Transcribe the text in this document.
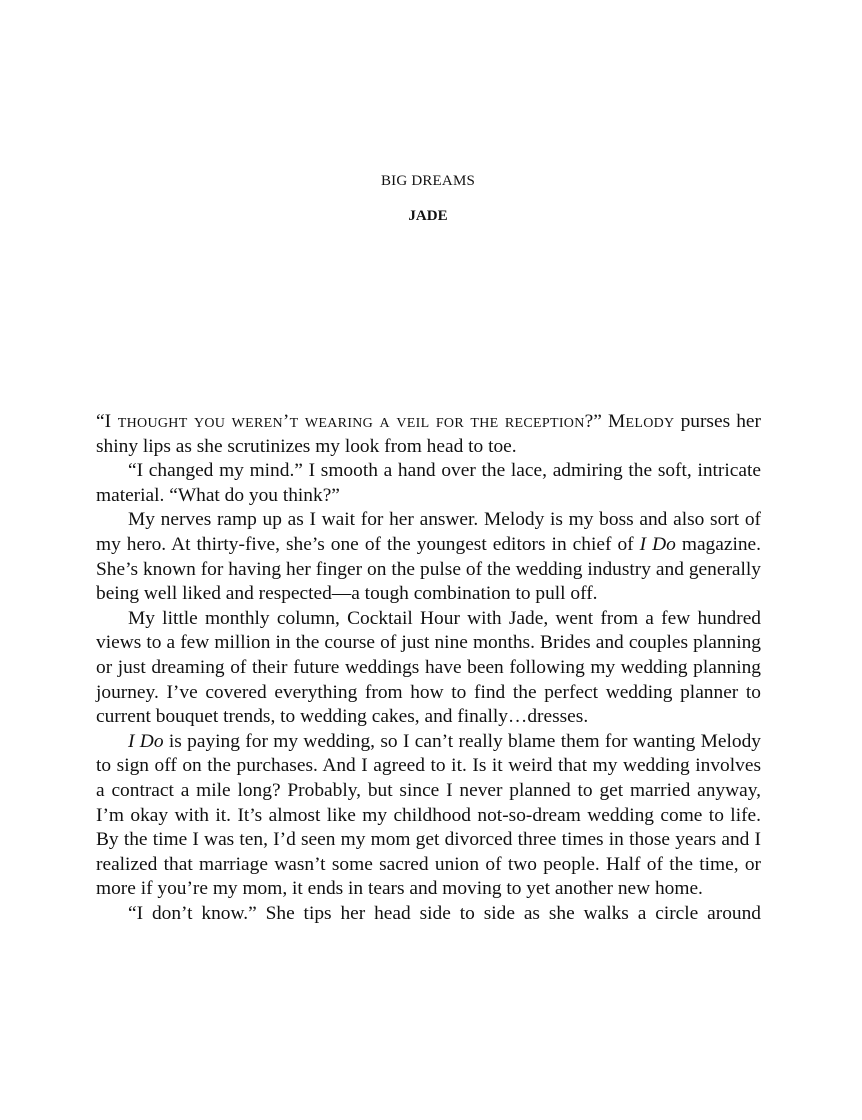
BIG DREAMS
JADE

“I thought you weren’t wearing a veil for the reception?” Melody purses her shiny lips as she scrutinizes my look from head to toe.

“I changed my mind.” I smooth a hand over the lace, admiring the soft, intricate material. “What do you think?”

My nerves ramp up as I wait for her answer. Melody is my boss and also sort of my hero. At thirty-five, she’s one of the youngest editors in chief of I Do magazine. She’s known for having her finger on the pulse of the wedding industry and generally being well liked and respected—a tough combination to pull off.

My little monthly column, Cocktail Hour with Jade, went from a few hundred views to a few million in the course of just nine months. Brides and couples planning or just dreaming of their future weddings have been following my wedding planning journey. I’ve covered everything from how to find the perfect wedding planner to current bouquet trends, to wedding cakes, and finally…dresses.

I Do is paying for my wedding, so I can’t really blame them for wanting Melody to sign off on the purchases. And I agreed to it. Is it weird that my wedding involves a contract a mile long? Probably, but since I never planned to get married anyway, I’m okay with it. It’s almost like my childhood not-so-dream wedding come to life. By the time I was ten, I’d seen my mom get divorced three times in those years and I realized that marriage wasn’t some sacred union of two people. Half of the time, or more if you’re my mom, it ends in tears and moving to yet another new home.

“I don’t know.” She tips her head side to side as she walks a circle around
